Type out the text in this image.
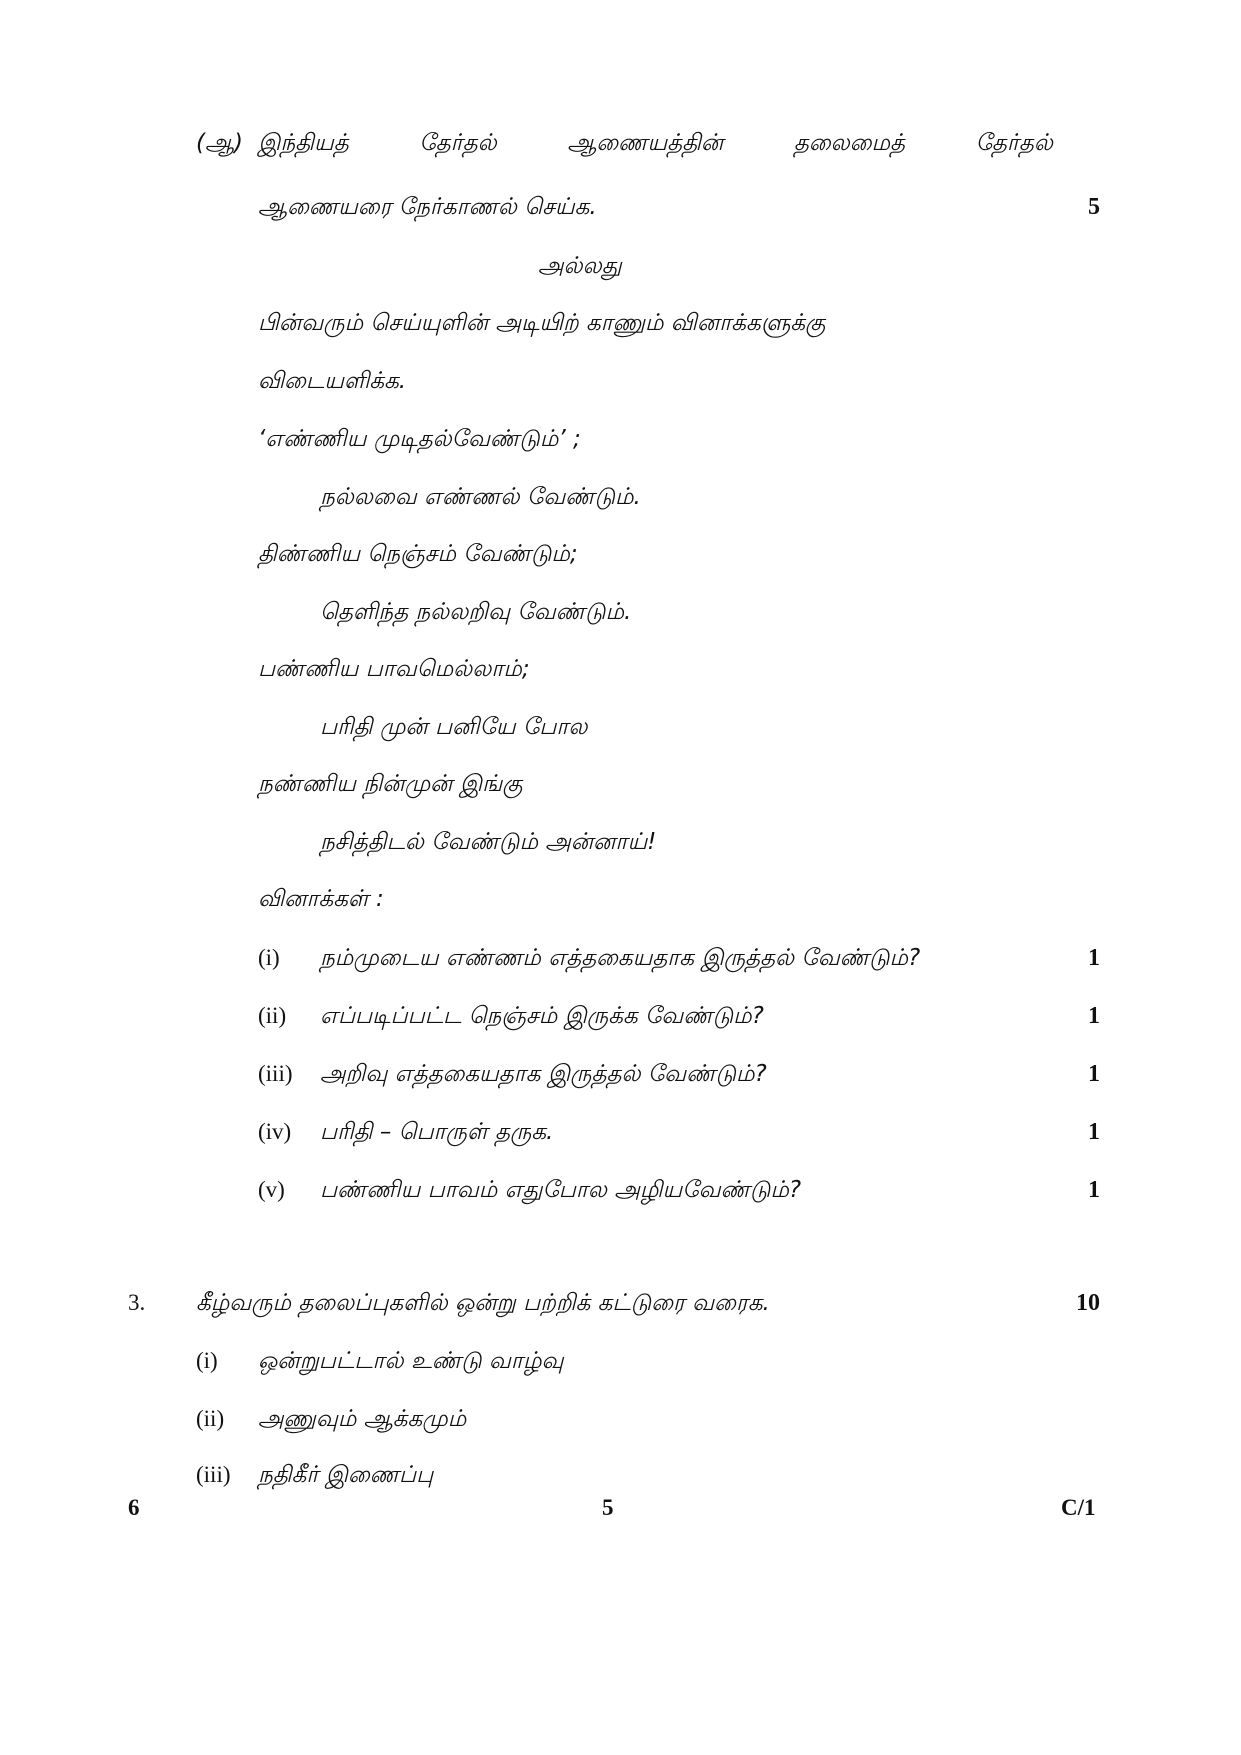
(ஆ) இந்தியத்	தேர்தல்	ஆணையத்தின்	தலைமைத்	தேர்தல்
ஆணையரை நேர்காணல் செய்க.	5
அல்லது
பின்வரும் செய்யுளின் அடியிற் காணும் வினாக்களுக்கு
விடையளிக்க.
‘எண்ணிய முடிதல்வேண்டும்’ ;
நல்லவை எண்ணல் வேண்டும்.
திண்ணிய நெஞ்சம் வேண்டும்;
தெளிந்த நல்லறிவு வேண்டும்.
பண்ணிய பாவமெல்லாம்;
பரிதி முன் பனியே போல
நண்ணிய நின்முன் இங்கு
நசித்திடல் வேண்டும் அன்னாய்!
வினாக்கள் :
(i) நம்முடைய எண்ணம் எத்தகையதாக இருத்தல் வேண்டும்?	1
(ii) எப்படிப்பட்ட நெஞ்சம் இருக்க வேண்டும்?	1
(iii) அறிவு எத்தகையதாக இருத்தல் வேண்டும்?	1
(iv) பரிதி – பொருள் தருக.	1
(v) பண்ணிய பாவம் எதுபோல அழியவேண்டும்?	1
3. கீழ்வரும் தலைப்புகளில் ஒன்று பற்றிக் கட்டுரை வரைக.	10
(i) ஒன்றுபட்டால் உண்டு வாழ்வு
(ii) அணுவும் ஆக்கமும்
(iii) நதிகீர் இணைப்பு
6	5	C/1
